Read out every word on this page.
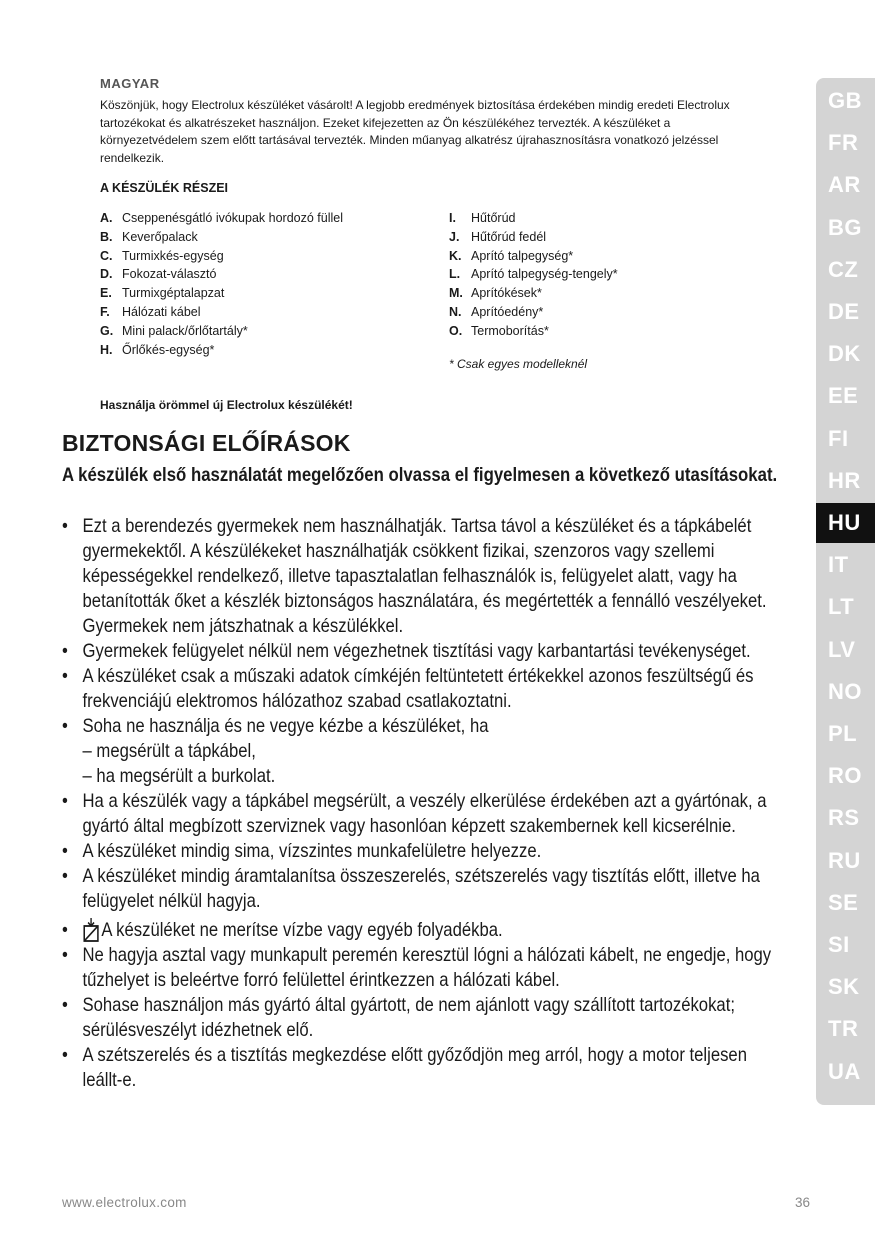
MAGYAR
Köszönjük, hogy Electrolux készüléket vásárolt! A legjobb eredmények biztosítása érdekében mindig eredeti Electrolux tartozékokat és alkatrészeket használjon. Ezeket kifejezetten az Ön készülékéhez tervezték. A készüléket a környezetvédelem szem előtt tartásával tervezték. Minden műanyag alkatrész újrahasznosításra vonatkozó jelzéssel rendelkezik.
A KÉSZÜLÉK RÉSZEI
A. Cseppenésgátló ivókupak hordozó füllel
B. Keverőpalack
C. Turmixkés-egység
D. Fokozat-választó
E. Turmixgéptalapzat
F. Hálózati kábel
G. Mini palack/őrlőtartály*
H. Őrlőkés-egység*
I. Hűtőrúd
J. Hűtőrúd fedél
K. Aprító talpegység*
L. Aprító talpegység-tengely*
M. Aprítókések*
N. Aprítóedény*
O. Termoborítás*
* Csak egyes modelleknél
Használja örömmel új Electrolux készülékét!
BIZTONSÁGI ELŐÍRÁSOK
A készülék első használatát megelőzően olvassa el figyelmesen a következő utasításokat.
• Ezt a berendezés gyermekek nem használhatják. Tartsa távol a készüléket és a tápkábelét gyermekektől. A készülékeket használhatják csökkent fizikai, szenzoros vagy szellemi képességekkel rendelkező, illetve tapasztalatlan felhasználók is, felügyelet alatt, vagy ha betanították őket a készlék biztonságos használatára, és megértették a fennálló veszélyeket. Gyermekek nem játszhatnak a készülékkel.
• Gyermekek felügyelet nélkül nem végezhetnek tisztítási vagy karbantartási tevékenységet.
• A készüléket csak a műszaki adatok címkéjén feltüntetett értékekkel azonos feszültségű és frekvenciájú elektromos hálózathoz szabad csatlakoztatni.
• Soha ne használja és ne vegye kézbe a készüléket, ha
– megsérült a tápkábel,
– ha megsérült a burkolat.
• Ha a készülék vagy a tápkábel megsérült, a veszély elkerülése érdekében azt a gyártónak, a gyártó által megbízott szerviznek vagy hasonlóan képzett szakembernek kell kicserélnie.
• A készüléket mindig sima, vízszintes munkafelületre helyezze.
• A készüléket mindig áramtalanítsa összeszerelés, szétszerelés vagy tisztítás előtt, illetve ha felügyelet nélkül hagyja.
• A készüléket ne merítse vízbe vagy egyéb folyadékba.
• Ne hagyja asztal vagy munkapult peremén keresztül lógni a hálózati kábelt, ne engedje, hogy tűzhelyet is beleértve forró felülettel érintkezzen a hálózati kábel.
• Sohase használjon más gyártó által gyártott, de nem ajánlott vagy szállított tartozékokat; sérülésveszélyt idézhetnek elő.
• A szétszerelés és a tisztítás megkezdése előtt győződjön meg arról, hogy a motor teljesen leállt-e.
www.electrolux.com	36
GB
FR
AR
BG
CZ
DE
DK
EE
FI
HR
HU
IT
LT
LV
NO
PL
RO
RS
RU
SE
SI
SK
TR
UA
